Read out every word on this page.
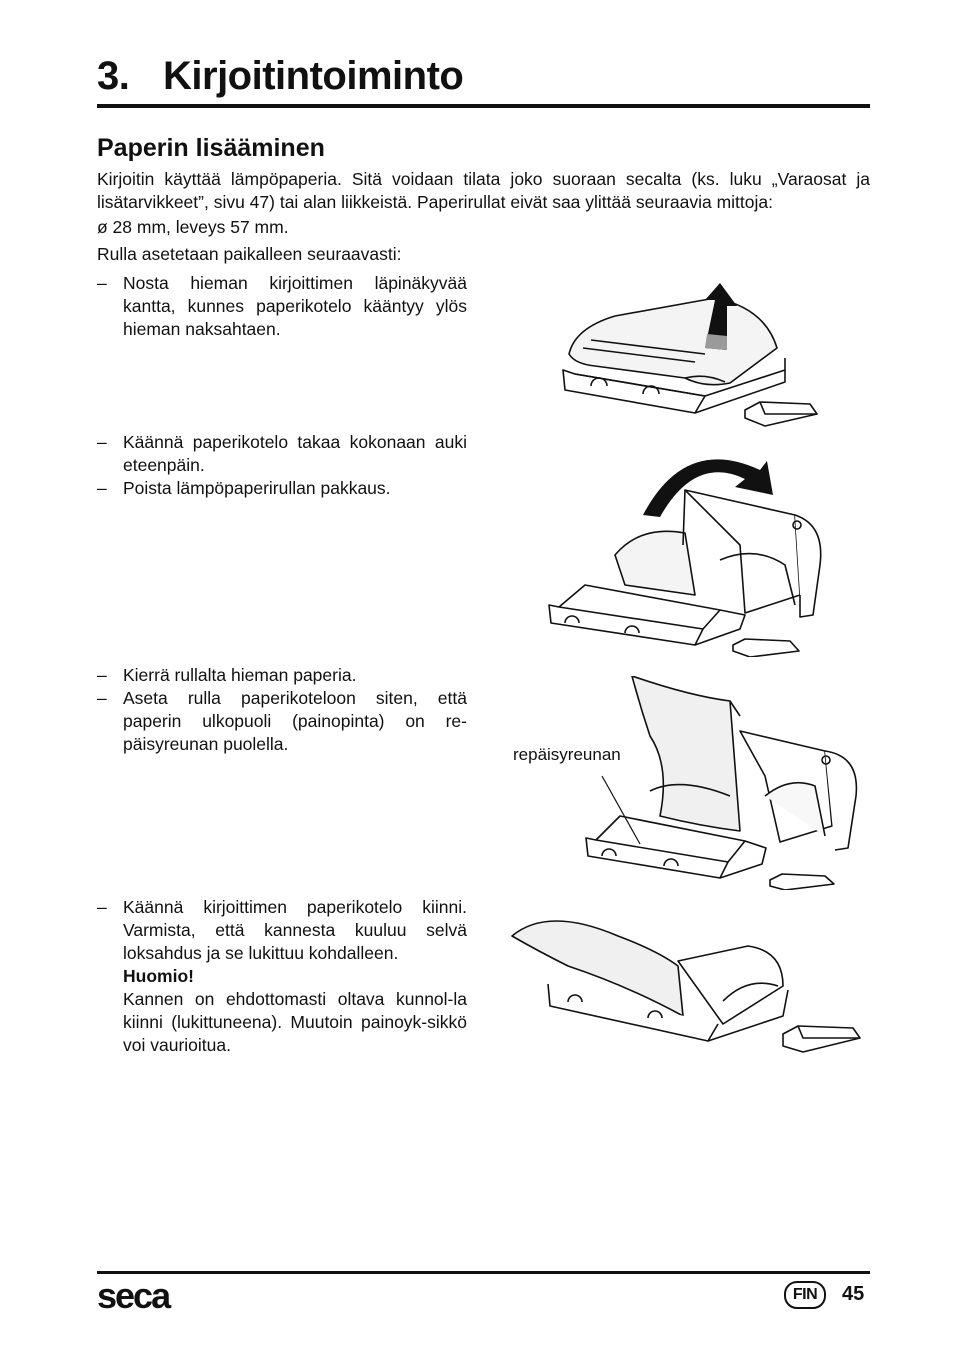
3. Kirjoitintoiminto
Paperin lisääminen

Kirjoitin käyttää lämpöpaperia. Sitä voidaan tilata joko suoraan secalta (ks. luku „Varaosat ja lisätarvikkeet”, sivu 47) tai alan liikkeistä. Paperirullat eivät saa ylittää seuraavia mittoja:

ø 28 mm, leveys 57 mm.

Rulla asetetaan paikalleen seuraavasti:

– Nosta hieman kirjoittimen läpinäkyvää kantta, kunnes paperikotelo kääntyy ylös hieman naksahtaen.
– Käännä paperikotelo takaa kokonaan auki eteenpäin.
– Poista lämpöpaperirullan pakkaus.
– Kierrä rullalta hieman paperia.
– Aseta rulla paperikoteloon siten, että paperin ulkopuoli (painopinta) on re-päisyreunan puolella.
– Käännä kirjoittimen paperikotelo kiinni. Varmista, että kannesta kuuluu selvä loksahdus ja se lukittuu kohdalleen.
Huomio!
Kannen on ehdottomasti oltava kunnol-la kiinni (lukittuneena). Muutoin painoyk-sikkö voi vaurioitua.
repäisyreunan
seca	FIN	45
